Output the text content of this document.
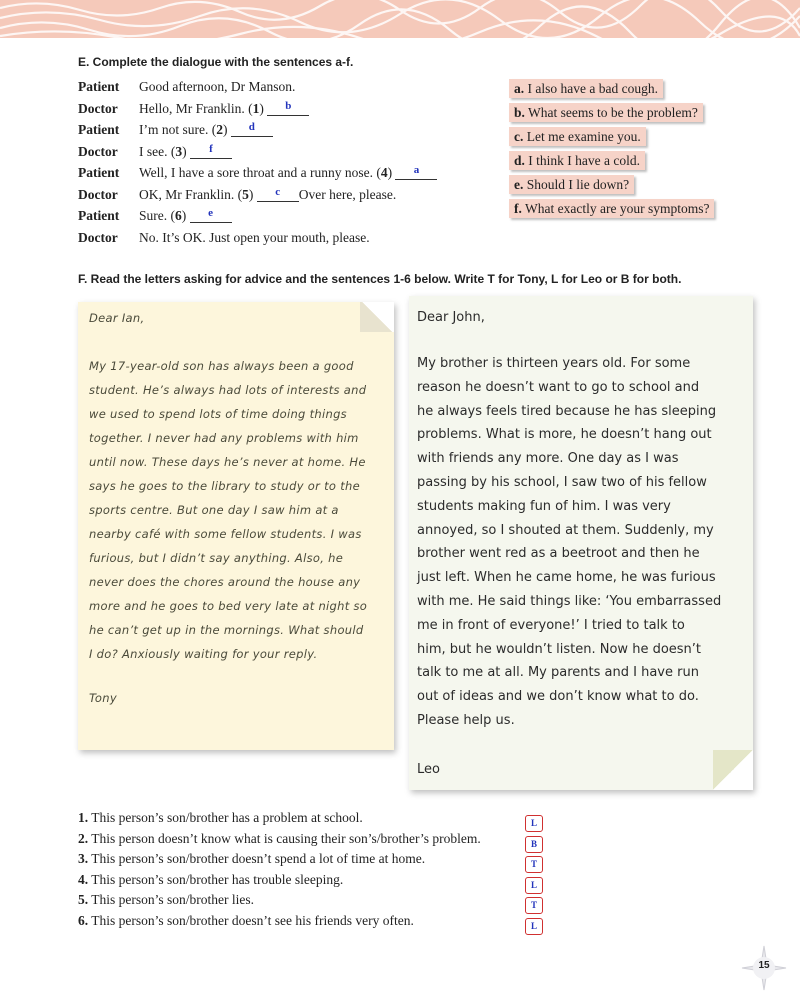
E. Complete the dialogue with the sentences a-f.
Patient Good afternoon, Dr Manson.
Doctor Hello, Mr Franklin. (1) $^b$
Patient I’m not sure. (2) $^d$
Doctor I see. (3) $^f$
Patient Well, I have a sore throat and a runny nose. (4) $^a$
Doctor OK, Mr Franklin. (5) $^c$ Over here, please.
Patient Sure. (6) $^e$
Doctor No. It’s OK. Just open your mouth, please.
a. I also have a bad cough.
b. What seems to be the problem?
c. Let me examine you.
d. I think I have a cold.
e. Should I lie down?
f. What exactly are your symptoms?
F. Read the letters asking for advice and the sentences 1-6 below. Write T for Tony, L for Leo or B for both.
Dear Ian,
My 17-year-old son has always been a good
student. He’s always had lots of interests and
we used to spend lots of time doing things
together. I never had any problems with him
until now. These days he’s never at home. He
says he goes to the library to study or to the
sports centre. But one day I saw him at a
nearby café with some fellow students. I was
furious, but I didn’t say anything. Also, he
never does the chores around the house any
more and he goes to bed very late at night so
he can’t get up in the mornings. What should
I do? Anxiously waiting for your reply.
Tony
Dear John,
My brother is thirteen years old. For some
reason he doesn’t want to go to school and
he always feels tired because he has sleeping
problems. What is more, he doesn’t hang out
with friends any more. One day as I was
passing by his school, I saw two of his fellow
students making fun of him. I was very
annoyed, so I shouted at them. Suddenly, my
brother went red as a beetroot and then he
just left. When he came home, he was furious
with me. He said things like: ‘You embarrassed
me in front of everyone!’ I tried to talk to
him, but he wouldn’t listen. Now he doesn’t
talk to me at all. My parents and I have run
out of ideas and we don’t know what to do.
Please help us.
Leo
1. This person’s son/brother has a problem at school.	L
2. This person doesn’t know what is causing their son’s/brother’s problem.	B
3. This person’s son/brother doesn’t spend a lot of time at home.	T
4. This person’s son/brother has trouble sleeping.	L
5. This person’s son/brother lies.	T
6. This person’s son/brother doesn’t see his friends very often.	L
15
